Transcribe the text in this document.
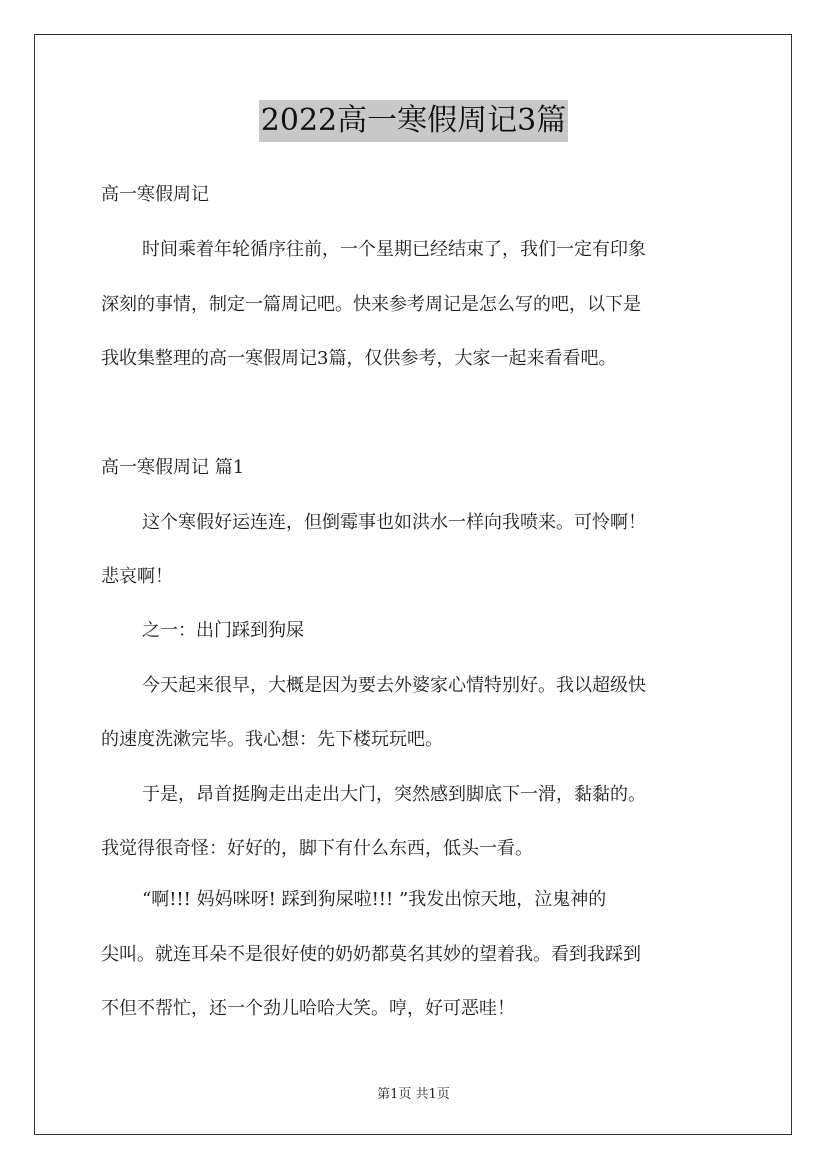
2022高一寒假周记3篇
高一寒假周记
时间乘着年轮循序往前，一个星期已经结束了，我们一定有印象
深刻的事情，制定一篇周记吧。快来参考周记是怎么写的吧，以下是
我收集整理的高一寒假周记3篇，仅供参考，大家一起来看看吧。
高一寒假周记 篇1
这个寒假好运连连，但倒霉事也如洪水一样向我喷来。可怜啊！
悲哀啊！
之一：出门踩到狗屎
今天起来很早，大概是因为要去外婆家心情特别好。我以超级快
的速度洗漱完毕。我心想：先下楼玩玩吧。
于是，昂首挺胸走出走出大门，突然感到脚底下一滑，黏黏的。
我觉得很奇怪：好好的，脚下有什么东西，低头一看。
“啊!!! 妈妈咪呀! 踩到狗屎啦!!! ”我发出惊天地，泣鬼神的
尖叫。就连耳朵不是很好使的奶奶都莫名其妙的望着我。看到我踩到
不但不帮忙，还一个劲儿哈哈大笑。哼，好可恶哇！
第1页 共1页
